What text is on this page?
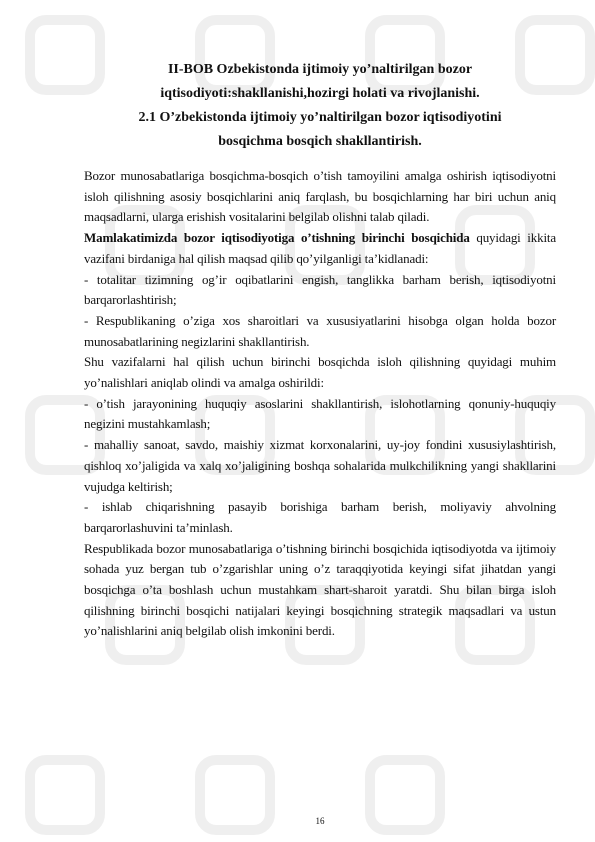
II-BOB Ozbekistonda ijtimoiy yo’naltirilgan bozor
iqtisodiyoti:shakllanishi,hozirgi holati va rivojlanishi.
2.1 O’zbekistonda ijtimoiy yo’naltirilgan bozor iqtisodiyotini
bosqichma bosqich shakllantirish.

Bozor munosabatlariga bosqichma-bosqich o’tish tamoyilini amalga oshirish iqtisodiyotni isloh qilishning asosiy bosqichlarini aniq farqlash, bu bosqichlarning har biri uchun aniq maqsadlarni, ularga erishish vositalarini belgilab olishni talab qiladi.

Mamlakatimizda bozor iqtisodiyotiga o’tishning birinchi bosqichida quyidagi ikkita vazifani birdaniga hal qilish maqsad qilib qo’yilganligi ta’kidlanadi:

- totalitar tizimning og’ir oqibatlarini engish, tanglikka barham berish, iqtisodiyotni barqarorlashtirish;

- Respublikaning o’ziga xos sharoitlari va xususiyatlarini hisobga olgan holda bozor munosabatlarining negizlarini shakllantirish.

Shu vazifalarni hal qilish uchun birinchi bosqichda isloh qilishning quyidagi muhim yo’nalishlari aniqlab olindi va amalga oshirildi:

- o’tish jarayonining huquqiy asoslarini shakllantirish, islohotlarning qonuniy-huquqiy negizini mustahkamlash;

- mahalliy sanoat, savdo, maishiy xizmat korxonalarini, uy-joy fondini xususiylashtirish, qishloq xo’jaligida va xalq xo’jaligining boshqa sohalarida mulkchilikning yangi shakllarini vujudga keltirish;

- ishlab chiqarishning pasayib borishiga barham berish, moliyaviy ahvolning barqarorlashuvini ta’minlash.

Respublikada bozor munosabatlariga o’tishning birinchi bosqichida iqtisodiyotda va ijtimoiy sohada yuz bergan tub o’zgarishlar uning o’z taraqqiyotida keyingi sifat jihatdan yangi bosqichga o’ta boshlash uchun mustahkam shart-sharoit yaratdi. Shu bilan birga isloh qilishning birinchi bosqichi natijalari keyingi bosqichning strategik maqsadlari va ustun yo’nalishlarini aniq belgilab olish imkonini berdi.

16
